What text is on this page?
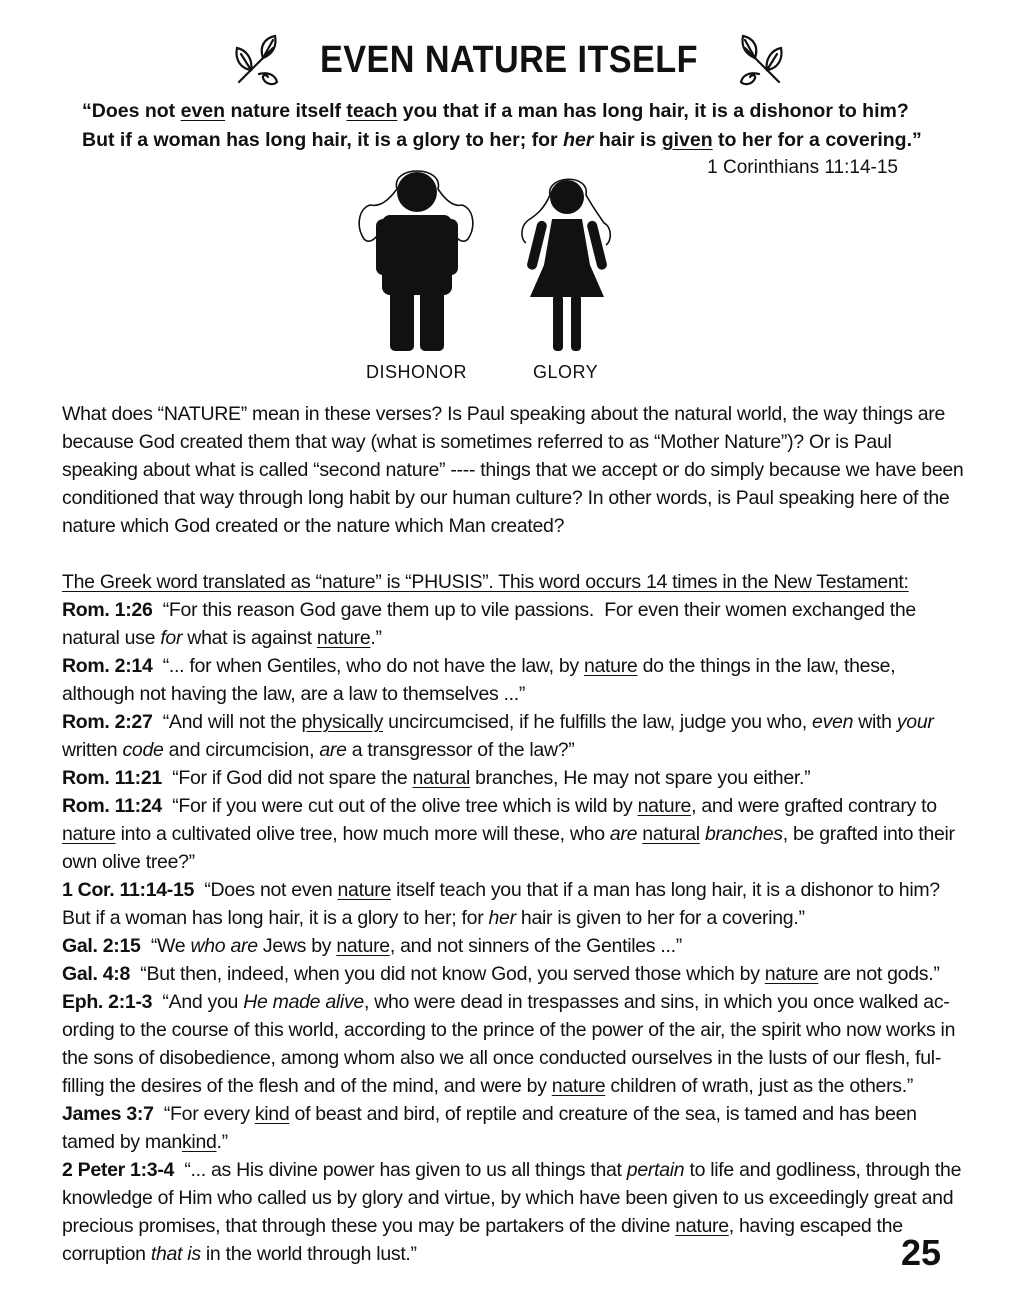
EVEN NATURE ITSELF
“Does not even nature itself teach you that if a man has long hair, it is a dishonor to him?
But if a woman has long hair, it is a glory to her; for her hair is given to her for a covering.”
1 Corinthians 11:14-15
DISHONOR	GLORY
What does “NATURE” mean in these verses? Is Paul speaking about the natural world, the way things are because God created them that way (what is sometimes referred to as “Mother Nature”)? Or is Paul speaking about what is called “second nature” ---- things that we accept or do simply because we have been conditioned that way through long habit by our human culture? In other words, is Paul speaking here of the nature which God created or the nature which Man created?
The Greek word translated as “nature” is “PHUSIS”. This word occurs 14 times in the New Testament:

Rom. 1:26  “For this reason God gave them up to vile passions.  For even their women exchanged the natural use for what is against nature.”

Rom. 2:14  “... for when Gentiles, who do not have the law, by nature do the things in the law, these, although not having the law, are a law to themselves ...”

Rom. 2:27  “And will not the physically uncircumcised, if he fulfills the law, judge you who, even with your written code and circumcision, are a transgressor of the law?”

Rom. 11:21  “For if God did not spare the natural branches, He may not spare you either.”

Rom. 11:24  “For if you were cut out of the olive tree which is wild by nature, and were grafted contrary to nature into a cultivated olive tree, how much more will these, who are natural branches, be grafted into their own olive tree?”

1 Cor. 11:14-15  “Does not even nature itself teach you that if a man has long hair, it is a dishonor to him? But if a woman has long hair, it is a glory to her; for her hair is given to her for a covering.”

Gal. 2:15  “We who are Jews by nature, and not sinners of the Gentiles ...”

Gal. 4:8  “But then, indeed, when you did not know God, you served those which by nature are not gods.”

Eph. 2:1-3  “And you He made alive, who were dead in trespasses and sins, in which you once walked ac-ording to the course of this world, according to the prince of the power of the air, the spirit who now works in the sons of disobedience, among whom also we all once conducted ourselves in the lusts of our flesh, ful-filling the desires of the flesh and of the mind, and were by nature children of wrath, just as the others.”

James 3:7  “For every kind of beast and bird, of reptile and creature of the sea, is tamed and has been tamed by mankind.”

2 Peter 1:3-4  “... as His divine power has given to us all things that pertain to life and godliness, through the knowledge of Him who called us by glory and virtue, by which have been given to us exceedingly great and precious promises, that through these you may be partakers of the divine nature, having escaped the corruption that is in the world through lust.”	25
